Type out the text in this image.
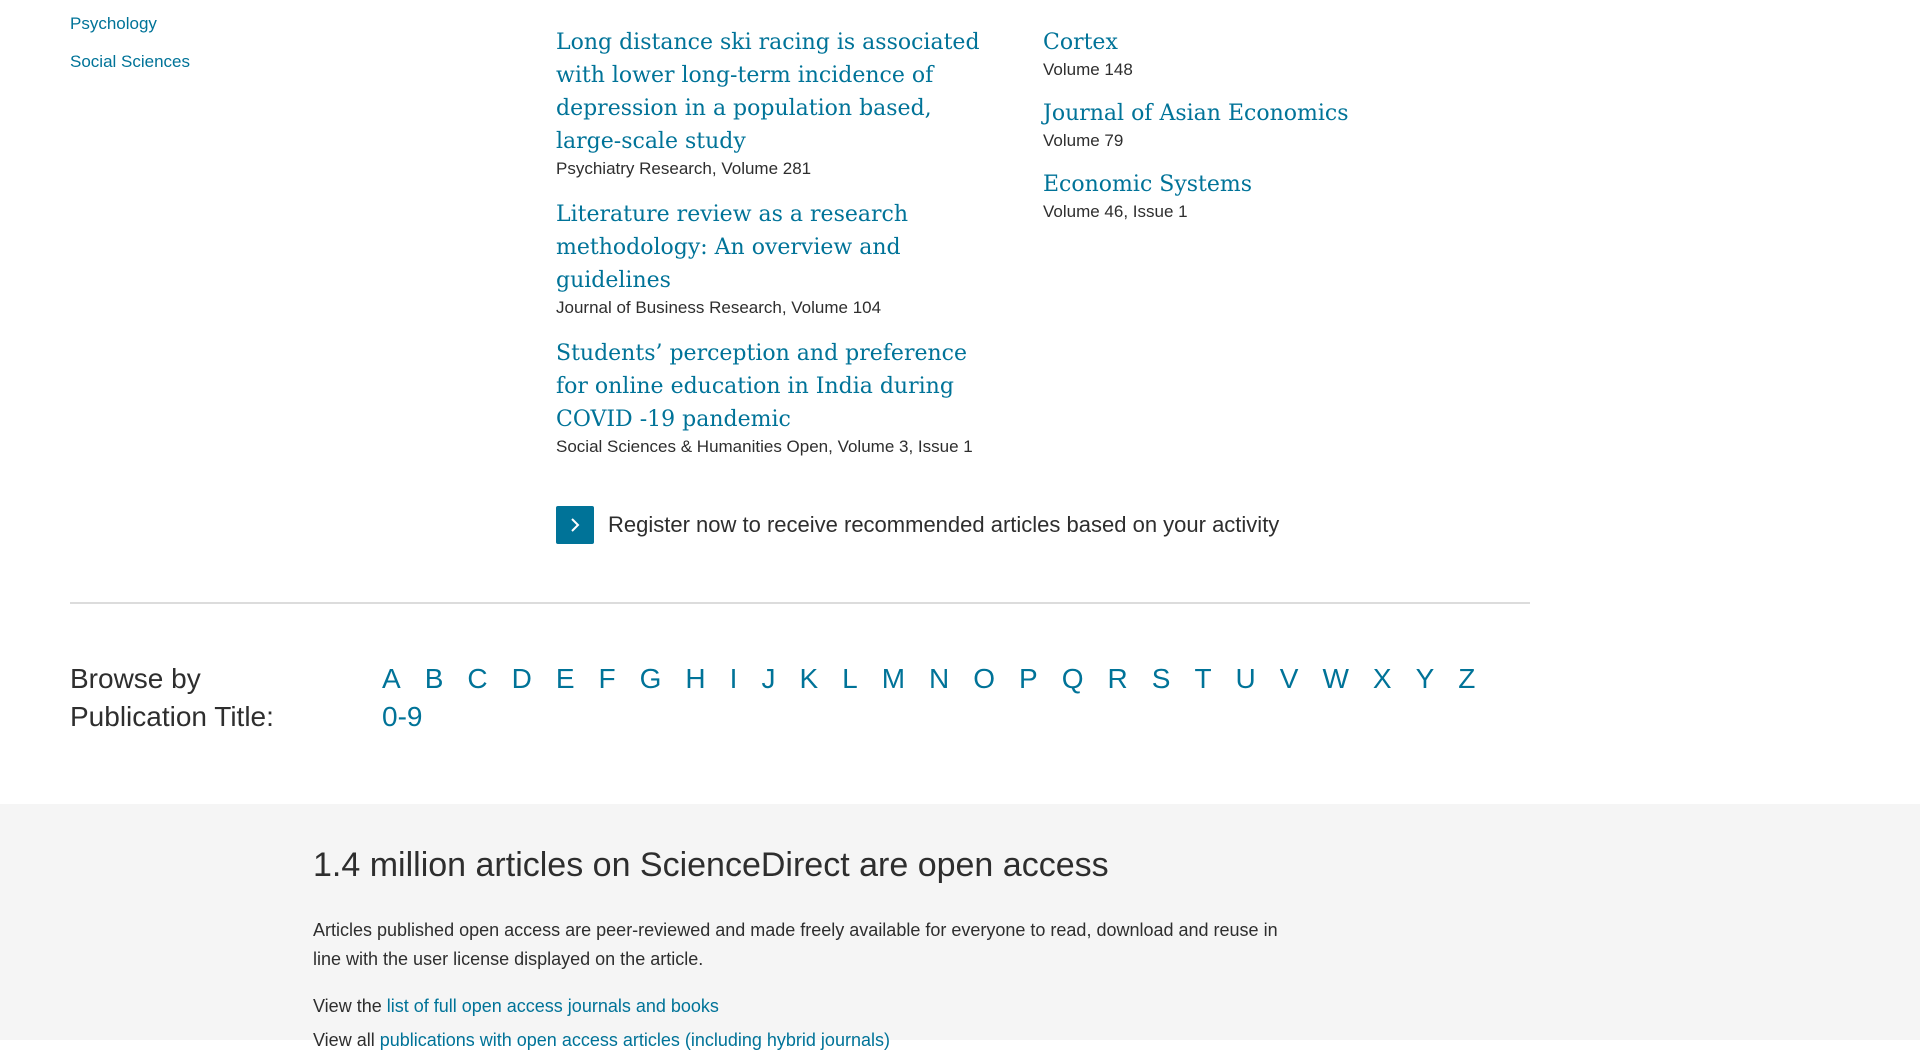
Psychology
Social Sciences
Long distance ski racing is associated with lower long-term incidence of depression in a population based, large-scale study
Psychiatry Research, Volume 281
Literature review as a research methodology: An overview and guidelines
Journal of Business Research, Volume 104
Students’ perception and preference for online education in India during COVID -19 pandemic
Social Sciences & Humanities Open, Volume 3, Issue 1
Cortex
Volume 148
Journal of Asian Economics
Volume 79
Economic Systems
Volume 46, Issue 1
Register now to receive recommended articles based on your activity
Browse by Publication Title:
A B C D E F G H I J K L M N O P Q R S T U V W X Y Z
0-9
1.4 million articles on ScienceDirect are open access
Articles published open access are peer-reviewed and made freely available for everyone to read, download and reuse in line with the user license displayed on the article.
View the list of full open access journals and books
View all publications with open access articles (including hybrid journals)
